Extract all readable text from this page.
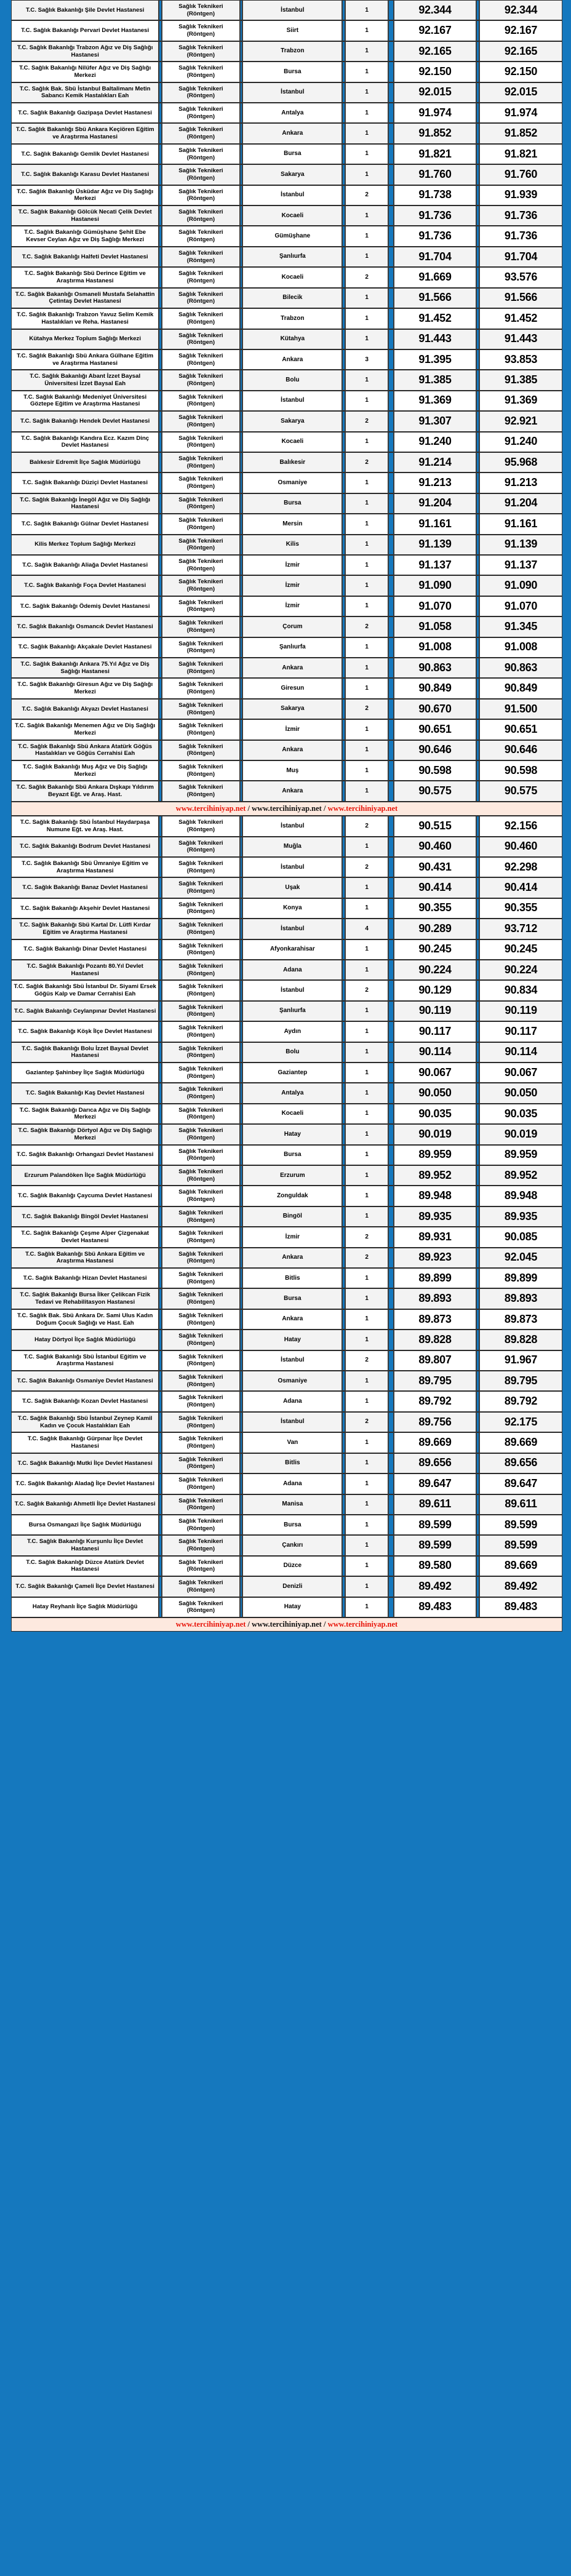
T.C. Sağlık Bakanlığı Şile Devlet Hastanesi		Sağlık Teknikeri (Röntgen)		İstanbul		1		92.344		92.344
T.C. Sağlık Bakanlığı Pervari Devlet Hastanesi		Sağlık Teknikeri (Röntgen)		Siirt		1		92.167		92.167
T.C. Sağlık Bakanlığı Trabzon Ağız ve Diş Sağlığı Hastanesi		Sağlık Teknikeri (Röntgen)		Trabzon		1		92.165		92.165
T.C. Sağlık Bakanlığı Nilüfer Ağız ve Diş Sağlığı Merkezi		Sağlık Teknikeri (Röntgen)		Bursa		1		92.150		92.150
T.C. Sağlık Bak. Sbü İstanbul Baltalimanı Metin Sabancı Kemik Hastalıkları Eah		Sağlık Teknikeri (Röntgen)		İstanbul		1		92.015		92.015
T.C. Sağlık Bakanlığı Gazipaşa Devlet Hastanesi		Sağlık Teknikeri (Röntgen)		Antalya		1		91.974		91.974
T.C. Sağlık Bakanlığı Sbü Ankara Keçiören Eğitim ve Araştırma Hastanesi		Sağlık Teknikeri (Röntgen)		Ankara		1		91.852		91.852
T.C. Sağlık Bakanlığı Gemlik Devlet Hastanesi		Sağlık Teknikeri (Röntgen)		Bursa		1		91.821		91.821
T.C. Sağlık Bakanlığı Karasu Devlet Hastanesi		Sağlık Teknikeri (Röntgen)		Sakarya		1		91.760		91.760
T.C. Sağlık Bakanlığı Üsküdar Ağız ve Diş Sağlığı Merkezi		Sağlık Teknikeri (Röntgen)		İstanbul		2		91.738		91.939
T.C. Sağlık Bakanlığı Gölcük Necati Çelik Devlet Hastanesi		Sağlık Teknikeri (Röntgen)		Kocaeli		1		91.736		91.736
T.C. Sağlık Bakanlığı Gümüşhane Şehit Ebe Kevser Ceylan Ağız ve Diş Sağlığı Merkezi		Sağlık Teknikeri (Röntgen)		Gümüşhane		1		91.736		91.736
T.C. Sağlık Bakanlığı Halfeti Devlet Hastanesi		Sağlık Teknikeri (Röntgen)		Şanlıurfa		1		91.704		91.704
T.C. Sağlık Bakanlığı Sbü Derince Eğitim ve Araştırma Hastanesi		Sağlık Teknikeri (Röntgen)		Kocaeli		2		91.669		93.576
T.C. Sağlık Bakanlığı Osmaneli Mustafa Selahattin Çetintaş Devlet Hastanesi		Sağlık Teknikeri (Röntgen)		Bilecik		1		91.566		91.566
T.C. Sağlık Bakanlığı Trabzon Yavuz Selim Kemik Hastalıkları ve Reha. Hastanesi		Sağlık Teknikeri (Röntgen)		Trabzon		1		91.452		91.452
Kütahya Merkez Toplum Sağlığı Merkezi		Sağlık Teknikeri (Röntgen)		Kütahya		1		91.443		91.443
T.C. Sağlık Bakanlığı Sbü Ankara Gülhane Eğitim ve Araştırma Hastanesi		Sağlık Teknikeri (Röntgen)		Ankara		3		91.395		93.853
T.C. Sağlık Bakanlığı Abant İzzet Baysal Üniversitesi İzzet Baysal Eah		Sağlık Teknikeri (Röntgen)		Bolu		1		91.385		91.385
T.C. Sağlık Bakanlığı Medeniyet Üniversitesi Göztepe Eğitim ve Araştırma Hastanesi		Sağlık Teknikeri (Röntgen)		İstanbul		1		91.369		91.369
T.C. Sağlık Bakanlığı Hendek Devlet Hastanesi		Sağlık Teknikeri (Röntgen)		Sakarya		2		91.307		92.921
T.C. Sağlık Bakanlığı Kandıra Ecz. Kazım Dinç Devlet Hastanesi		Sağlık Teknikeri (Röntgen)		Kocaeli		1		91.240		91.240
Balıkesir Edremit İlçe Sağlık Müdürlüğü		Sağlık Teknikeri (Röntgen)		Balıkesir		2		91.214		95.968
T.C. Sağlık Bakanlığı Düziçi Devlet Hastanesi		Sağlık Teknikeri (Röntgen)		Osmaniye		1		91.213		91.213
T.C. Sağlık Bakanlığı İnegöl Ağız ve Diş Sağlığı Hastanesi		Sağlık Teknikeri (Röntgen)		Bursa		1		91.204		91.204
T.C. Sağlık Bakanlığı Gülnar Devlet Hastanesi		Sağlık Teknikeri (Röntgen)		Mersin		1		91.161		91.161
Kilis Merkez Toplum Sağlığı Merkezi		Sağlık Teknikeri (Röntgen)		Kilis		1		91.139		91.139
T.C. Sağlık Bakanlığı Aliağa Devlet Hastanesi		Sağlık Teknikeri (Röntgen)		İzmir		1		91.137		91.137
T.C. Sağlık Bakanlığı Foça Devlet Hastanesi		Sağlık Teknikeri (Röntgen)		İzmir		1		91.090		91.090
T.C. Sağlık Bakanlığı Ödemiş Devlet Hastanesi		Sağlık Teknikeri (Röntgen)		İzmir		1		91.070		91.070
T.C. Sağlık Bakanlığı Osmancık Devlet Hastanesi		Sağlık Teknikeri (Röntgen)		Çorum		2		91.058		91.345
T.C. Sağlık Bakanlığı Akçakale Devlet Hastanesi		Sağlık Teknikeri (Röntgen)		Şanlıurfa		1		91.008		91.008
T.C. Sağlık Bakanlığı Ankara 75.Yıl Ağız ve Diş Sağlığı Hastanesi		Sağlık Teknikeri (Röntgen)		Ankara		1		90.863		90.863
T.C. Sağlık Bakanlığı Giresun Ağız ve Diş Sağlığı Merkezi		Sağlık Teknikeri (Röntgen)		Giresun		1		90.849		90.849
T.C. Sağlık Bakanlığı Akyazı Devlet Hastanesi		Sağlık Teknikeri (Röntgen)		Sakarya		2		90.670		91.500
T.C. Sağlık Bakanlığı Menemen Ağız ve Diş Sağlığı Merkezi		Sağlık Teknikeri (Röntgen)		İzmir		1		90.651		90.651
T.C. Sağlık Bakanlığı Sbü Ankara Atatürk Göğüs Hastalıkları ve Göğüs Cerrahisi Eah		Sağlık Teknikeri (Röntgen)		Ankara		1		90.646		90.646
T.C. Sağlık Bakanlığı Muş Ağız ve Diş Sağlığı Merkezi		Sağlık Teknikeri (Röntgen)		Muş		1		90.598		90.598
T.C. Sağlık Bakanlığı Sbü Ankara Dışkapı Yıldırım Beyazıt Eğt. ve Araş. Hast.		Sağlık Teknikeri (Röntgen)		Ankara		1		90.575		90.575
www.tercihiniyap.net / www.tercihiniyap.net / www.tercihiniyap.net										
T.C. Sağlık Bakanlığı Sbü İstanbul Haydarpaşa Numune Eğt. ve Araş. Hast.		Sağlık Teknikeri (Röntgen)		İstanbul		2		90.515		92.156
T.C. Sağlık Bakanlığı Bodrum Devlet Hastanesi		Sağlık Teknikeri (Röntgen)		Muğla		1		90.460		90.460
T.C. Sağlık Bakanlığı Sbü Ümraniye Eğitim ve Araştırma Hastanesi		Sağlık Teknikeri (Röntgen)		İstanbul		2		90.431		92.298
T.C. Sağlık Bakanlığı Banaz Devlet Hastanesi		Sağlık Teknikeri (Röntgen)		Uşak		1		90.414		90.414
T.C. Sağlık Bakanlığı Akşehir Devlet Hastanesi		Sağlık Teknikeri (Röntgen)		Konya		1		90.355		90.355
T.C. Sağlık Bakanlığı Sbü Kartal Dr. Lütfi Kırdar Eğitim ve Araştırma Hastanesi		Sağlık Teknikeri (Röntgen)		İstanbul		4		90.289		93.712
T.C. Sağlık Bakanlığı Dinar Devlet Hastanesi		Sağlık Teknikeri (Röntgen)		Afyonkarahisar		1		90.245		90.245
T.C. Sağlık Bakanlığı Pozantı 80.Yıl Devlet Hastanesi		Sağlık Teknikeri (Röntgen)		Adana		1		90.224		90.224
T.C. Sağlık Bakanlığı Sbü İstanbul Dr. Siyami Ersek Göğüs Kalp ve Damar Cerrahisi Eah		Sağlık Teknikeri (Röntgen)		İstanbul		2		90.129		90.834
T.C. Sağlık Bakanlığı Ceylanpınar Devlet Hastanesi		Sağlık Teknikeri (Röntgen)		Şanlıurfa		1		90.119		90.119
T.C. Sağlık Bakanlığı Köşk İlçe Devlet Hastanesi		Sağlık Teknikeri (Röntgen)		Aydın		1		90.117		90.117
T.C. Sağlık Bakanlığı Bolu İzzet Baysal Devlet Hastanesi		Sağlık Teknikeri (Röntgen)		Bolu		1		90.114		90.114
Gaziantep Şahinbey İlçe Sağlık Müdürlüğü		Sağlık Teknikeri (Röntgen)		Gaziantep		1		90.067		90.067
T.C. Sağlık Bakanlığı Kaş Devlet Hastanesi		Sağlık Teknikeri (Röntgen)		Antalya		1		90.050		90.050
T.C. Sağlık Bakanlığı Darıca Ağız ve Diş Sağlığı Merkezi		Sağlık Teknikeri (Röntgen)		Kocaeli		1		90.035		90.035
T.C. Sağlık Bakanlığı Dörtyol Ağız ve Diş Sağlığı Merkezi		Sağlık Teknikeri (Röntgen)		Hatay		1		90.019		90.019
T.C. Sağlık Bakanlığı Orhangazi Devlet Hastanesi		Sağlık Teknikeri (Röntgen)		Bursa		1		89.959		89.959
Erzurum Palandöken İlçe Sağlık Müdürlüğü		Sağlık Teknikeri (Röntgen)		Erzurum		1		89.952		89.952
T.C. Sağlık Bakanlığı Çaycuma Devlet Hastanesi		Sağlık Teknikeri (Röntgen)		Zonguldak		1		89.948		89.948
T.C. Sağlık Bakanlığı Bingöl Devlet Hastanesi		Sağlık Teknikeri (Röntgen)		Bingöl		1		89.935		89.935
T.C. Sağlık Bakanlığı Çeşme Alper Çizgenakat Devlet Hastanesi		Sağlık Teknikeri (Röntgen)		İzmir		2		89.931		90.085
T.C. Sağlık Bakanlığı Sbü Ankara Eğitim ve Araştırma Hastanesi		Sağlık Teknikeri (Röntgen)		Ankara		2		89.923		92.045
T.C. Sağlık Bakanlığı Hizan Devlet Hastanesi		Sağlık Teknikeri (Röntgen)		Bitlis		1		89.899		89.899
T.C. Sağlık Bakanlığı Bursa İlker Çelikcan Fizik Tedavi ve Rehabilitasyon Hastanesi		Sağlık Teknikeri (Röntgen)		Bursa		1		89.893		89.893
T.C. Sağlık Bak. Sbü Ankara Dr. Sami Ulus Kadın Doğum Çocuk Sağlığı ve Hast. Eah		Sağlık Teknikeri (Röntgen)		Ankara		1		89.873		89.873
Hatay Dörtyol İlçe Sağlık Müdürlüğü		Sağlık Teknikeri (Röntgen)		Hatay		1		89.828		89.828
T.C. Sağlık Bakanlığı Sbü İstanbul Eğitim ve Araştırma Hastanesi		Sağlık Teknikeri (Röntgen)		İstanbul		2		89.807		91.967
T.C. Sağlık Bakanlığı Osmaniye Devlet Hastanesi		Sağlık Teknikeri (Röntgen)		Osmaniye		1		89.795		89.795
T.C. Sağlık Bakanlığı Kozan Devlet Hastanesi		Sağlık Teknikeri (Röntgen)		Adana		1		89.792		89.792
T.C. Sağlık Bakanlığı Sbü İstanbul Zeynep Kamil Kadın ve Çocuk Hastalıkları Eah		Sağlık Teknikeri (Röntgen)		İstanbul		2		89.756		92.175
T.C. Sağlık Bakanlığı Gürpınar İlçe Devlet Hastanesi		Sağlık Teknikeri (Röntgen)		Van		1		89.669		89.669
T.C. Sağlık Bakanlığı Mutki İlçe Devlet Hastanesi		Sağlık Teknikeri (Röntgen)		Bitlis		1		89.656		89.656
T.C. Sağlık Bakanlığı Aladağ İlçe Devlet Hastanesi		Sağlık Teknikeri (Röntgen)		Adana		1		89.647		89.647
T.C. Sağlık Bakanlığı Ahmetli İlçe Devlet Hastanesi		Sağlık Teknikeri (Röntgen)		Manisa		1		89.611		89.611
Bursa Osmangazi İlçe Sağlık Müdürlüğü		Sağlık Teknikeri (Röntgen)		Bursa		1		89.599		89.599
T.C. Sağlık Bakanlığı Kurşunlu İlçe Devlet Hastanesi		Sağlık Teknikeri (Röntgen)		Çankırı		1		89.599		89.599
T.C. Sağlık Bakanlığı Düzce Atatürk Devlet Hastanesi		Sağlık Teknikeri (Röntgen)		Düzce		1		89.580		89.669
T.C. Sağlık Bakanlığı Çameli İlçe Devlet Hastanesi		Sağlık Teknikeri (Röntgen)		Denizli		1		89.492		89.492
Hatay Reyhanlı İlçe Sağlık Müdürlüğü		Sağlık Teknikeri (Röntgen)		Hatay		1		89.483		89.483
www.tercihiniyap.net / www.tercihiniyap.net / www.tercihiniyap.net										
